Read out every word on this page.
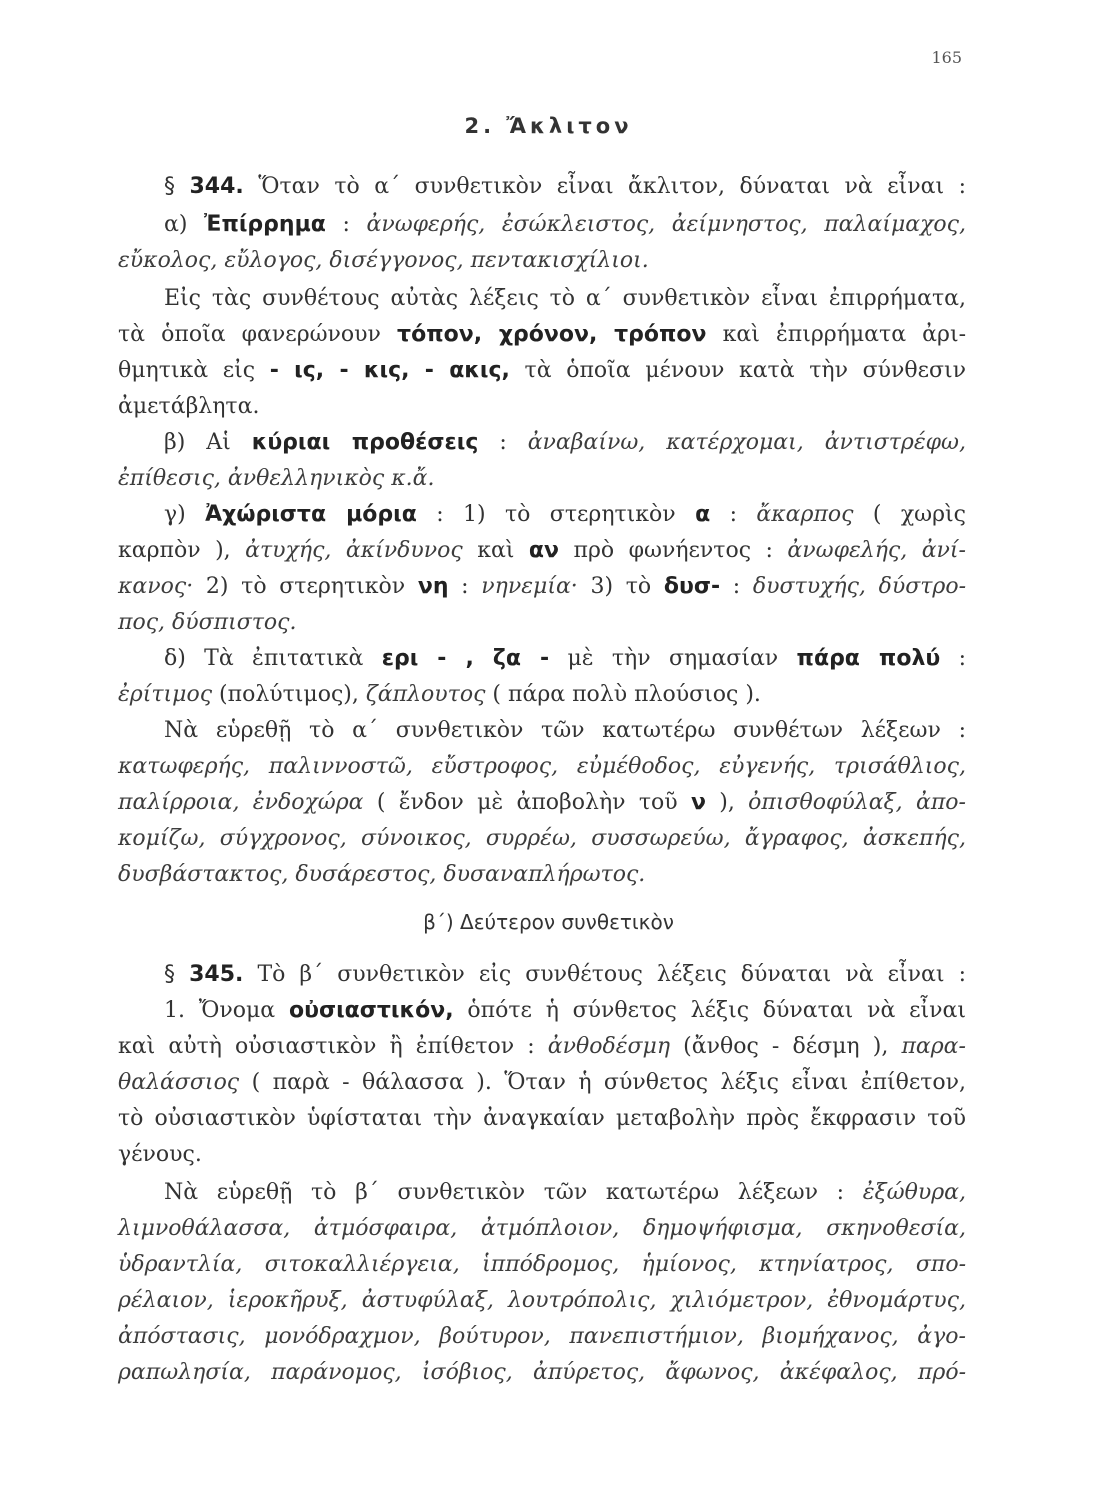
165
2. Ἄκλιτον
§ 344. Ὅταν τὸ α΄ συνθετικὸν εἶναι ἄκλιτον, δύναται νὰ εἶναι :
α) Ἐπίρρημα : ἀνωφερής, ἐσώκλειστος, ἀείμνηστος, παλαίμαχος,
εὔκολος, εὔλογος, δισέγγονος, πεντακισχίλιοι.
Εἰς τὰς συνθέτους αὐτὰς λέξεις τὸ α΄ συνθετικὸν εἶναι ἐπιρρήματα,
τὰ ὁποῖα φανερώνουν τόπον, χρόνον, τρόπον καὶ ἐπιρρήματα ἀρι-
θμητικὰ εἰς - ις, - κις, - ακις, τὰ ὁποῖα μένουν κατὰ τὴν σύνθεσιν
ἀμετάβλητα.
β) Αἱ κύριαι προθέσεις : ἀναβαίνω, κατέρχομαι, ἀντιστρέφω,
ἐπίθεσις, ἀνθελληνικὸς κ.ἄ.
γ) Ἀχώριστα μόρια : 1) τὸ στερητικὸν α : ἄκαρπος ( χωρὶς
καρπὸν ), ἀτυχής, ἀκίνδυνος καὶ αν πρὸ φωνήεντος : ἀνωφελής, ἀνί-
κανος· 2) τὸ στερητικὸν νη : νηνεμία· 3) τὸ δυσ- : δυστυχής, δύστρο-
πος, δύσπιστος.
δ) Τὰ ἐπιτατικὰ ερι - , ζα - μὲ τὴν σημασίαν πάρα πολύ :
ἐρίτιμος (πολύτιμος), ζάπλουτος ( πάρα πολὺ πλούσιος ).
Νὰ εὑρεθῇ τὸ α΄ συνθετικὸν τῶν κατωτέρω συνθέτων λέξεων :
κατωφερής, παλιννοστῶ, εὔστροφος, εὐμέθοδος, εὐγενής, τρισάθλιος,
παλίρροια, ἐνδοχώρα ( ἔνδον μὲ ἀποβολὴν τοῦ ν ), ὀπισθοφύλαξ, ἀπο-
κομίζω, σύγχρονος, σύνοικος, συρρέω, συσσωρεύω, ἄγραφος, ἀσκεπής,
δυσβάστακτος, δυσάρεστος, δυσαναπλήρωτος.
β΄) Δεύτερον συνθετικὸν
§ 345. Τὸ β΄ συνθετικὸν εἰς συνθέτους λέξεις δύναται νὰ εἶναι :
1. Ὄνομα οὐσιαστικόν, ὁπότε ἡ σύνθετος λέξις δύναται νὰ εἶναι
καὶ αὐτὴ οὐσιαστικὸν ἢ ἐπίθετον : ἀνθοδέσμη (ἄνθος - δέσμη ), παρα-
θαλάσσιος ( παρὰ - θάλασσα ). Ὅταν ἡ σύνθετος λέξις εἶναι ἐπίθετον,
τὸ οὐσιαστικὸν ὑφίσταται τὴν ἀναγκαίαν μεταβολὴν πρὸς ἔκφρασιν τοῦ
γένους.
Νὰ εὑρεθῇ τὸ β΄ συνθετικὸν τῶν κατωτέρω λέξεων : ἐξώθυρα,
λιμνοθάλασσα, ἀτμόσφαιρα, ἀτμόπλοιον, δημοψήφισμα, σκηνοθεσία,
ὑδραντλία, σιτοκαλλιέργεια, ἱππόδρομος, ἡμίονος, κτηνίατρος, σπο-
ρέλαιον, ἱεροκῆρυξ, ἀστυφύλαξ, λουτρόπολις, χιλιόμετρον, ἐθνομάρτυς,
ἀπόστασις, μονόδραχμον, βούτυρον, πανεπιστήμιον, βιομήχανος, ἀγο-
ραπωλησία, παράνομος, ἰσόβιος, ἀπύρετος, ἄφωνος, ἀκέφαλος, πρό-
